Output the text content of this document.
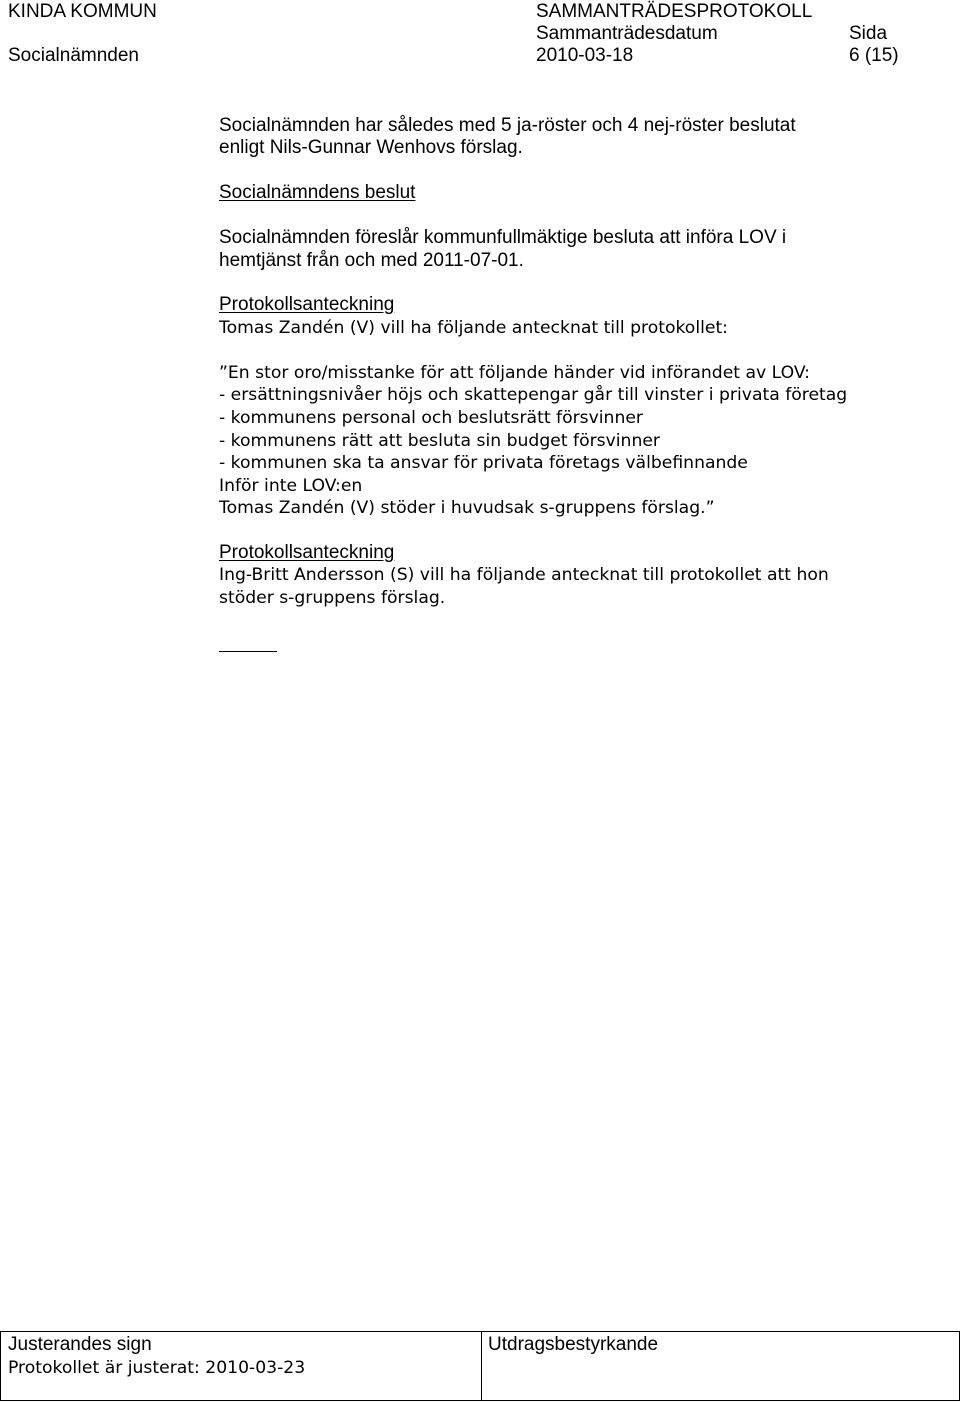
KINDA KOMMUN	SAMMANTRÄDESPROTOKOLL
Socialnämnden
Sammanträdesdatum
2010-03-18
Sida
6 (15)
Socialnämnden har således med 5 ja-röster och 4 nej-röster beslutat
enligt Nils-Gunnar Wenhovs förslag.
Socialnämndens beslut
Socialnämnden föreslår kommunfullmäktige besluta att införa LOV i
hemtjänst från och med 2011-07-01.
Protokollsanteckning
Tomas Zandén (V) vill ha följande antecknat till protokollet:
”En stor oro/misstanke för att följande händer vid införandet av LOV:
- ersättningsnivåer höjs och skattepengar går till vinster i privata företag
- kommunens personal och beslutsrätt försvinner
- kommunens rätt att besluta sin budget försvinner
- kommunen ska ta ansvar för privata företags välbefinnande
Inför inte LOV:en
Tomas Zandén (V) stöder i huvudsak s-gruppens förslag.”
Protokollsanteckning
Ing-Britt Andersson (S) vill ha följande antecknat till protokollet att hon
stöder s-gruppens förslag.
Justerandes sign
Protokollet är justerat: 2010-03-23
Utdragsbestyrkande
